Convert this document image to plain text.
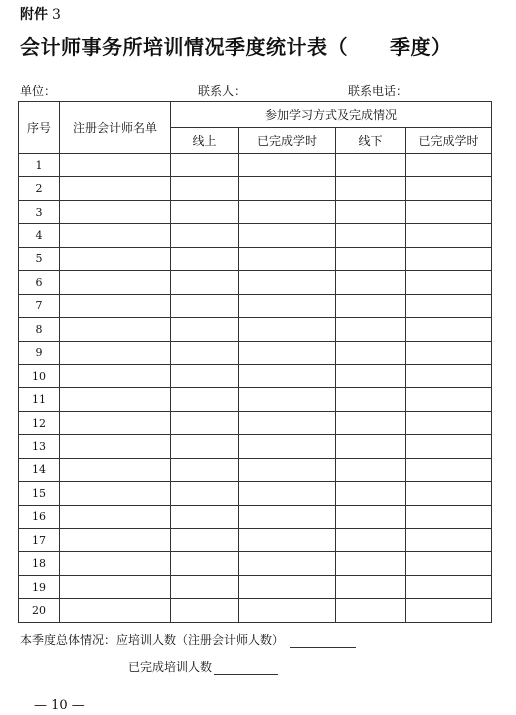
附件 3
会计师事务所培训情况季度统计表（ 季度）
单位：	联系人：	联系电话：
序号	注册会计师名单	参加学习方式及完成情况			
		线上	已完成学时	线下	已完成学时
1					
2					
3					
4					
5					
6					
7					
8					
9					
10					
11					
12					
13					
14					
15					
16					
17					
18					
19					
20					
本季度总体情况：应培训人数（注册会计师人数）
已完成培训人数
— 10 —
